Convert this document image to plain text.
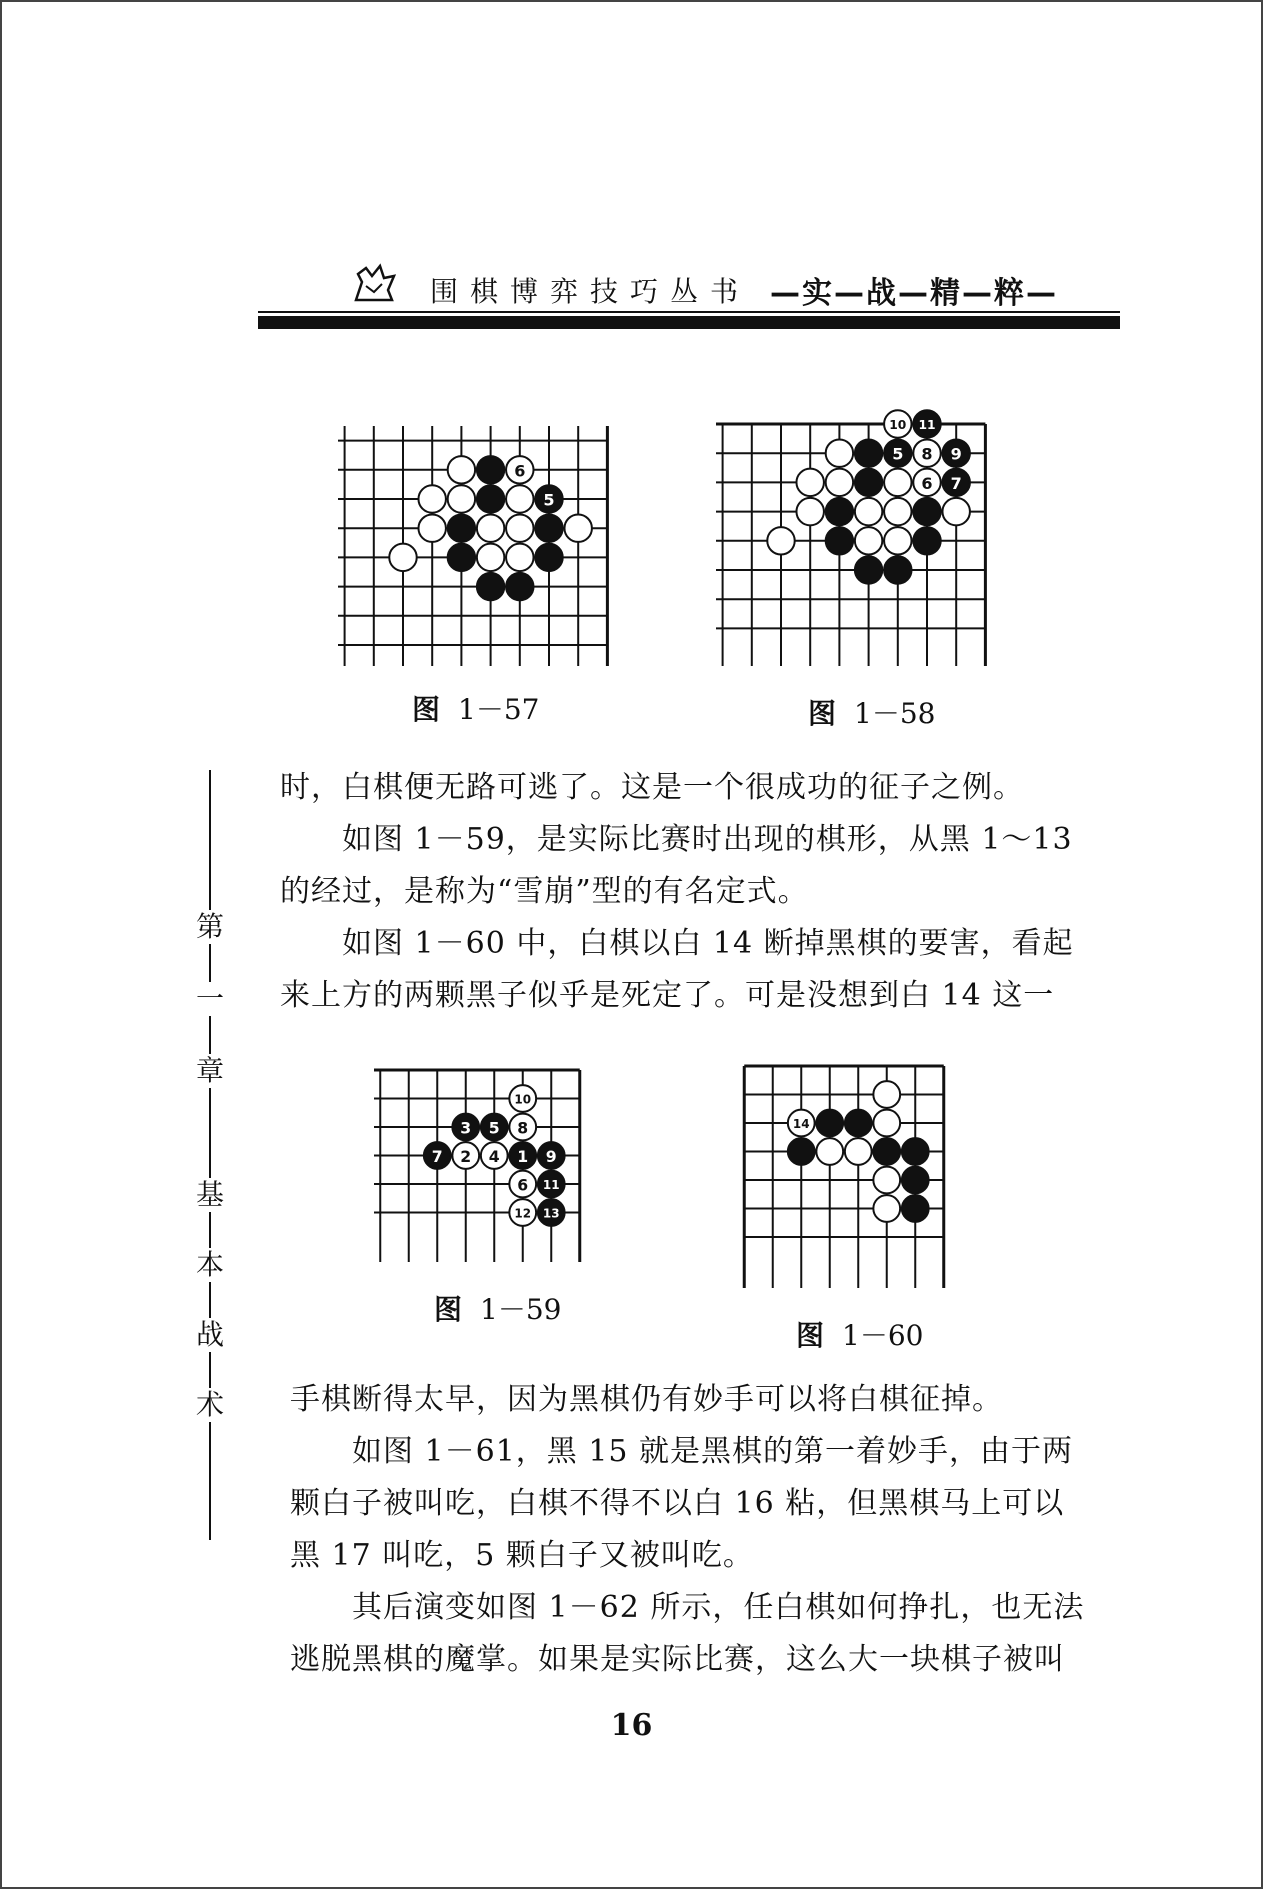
围棋博弈技巧丛书 —实—战—精—粹—
6
5
图 1－57
10 11
5 8 9
6 7
图 1－58

时，白棋便无路可逃了。这是一个很成功的征子之例。

如图 1－59，是实际比赛时出现的棋形，从黑 1～13

的经过，是称为“雪崩”型的有名定式。

如图 1－60 中，白棋以白 14 断掉黑棋的要害，看起

来上方的两颗黑子似乎是死定了。可是没想到白 14 这一

10
3 5 8
7 2 4 1 9
6 11
12 13
图 1－59
14
图 1－60

手棋断得太早，因为黑棋仍有妙手可以将白棋征掉。

如图 1－61，黑 15 就是黑棋的第一着妙手，由于两

颗白子被叫吃，白棋不得不以白 16 粘，但黑棋马上可以

黑 17 叫吃，5 颗白子又被叫吃。

其后演变如图 1－62 所示，任白棋如何挣扎，也无法

逃脱黑棋的魔掌。如果是实际比赛，这么大一块棋子被叫

第
一
章
基
本
战
术
16
